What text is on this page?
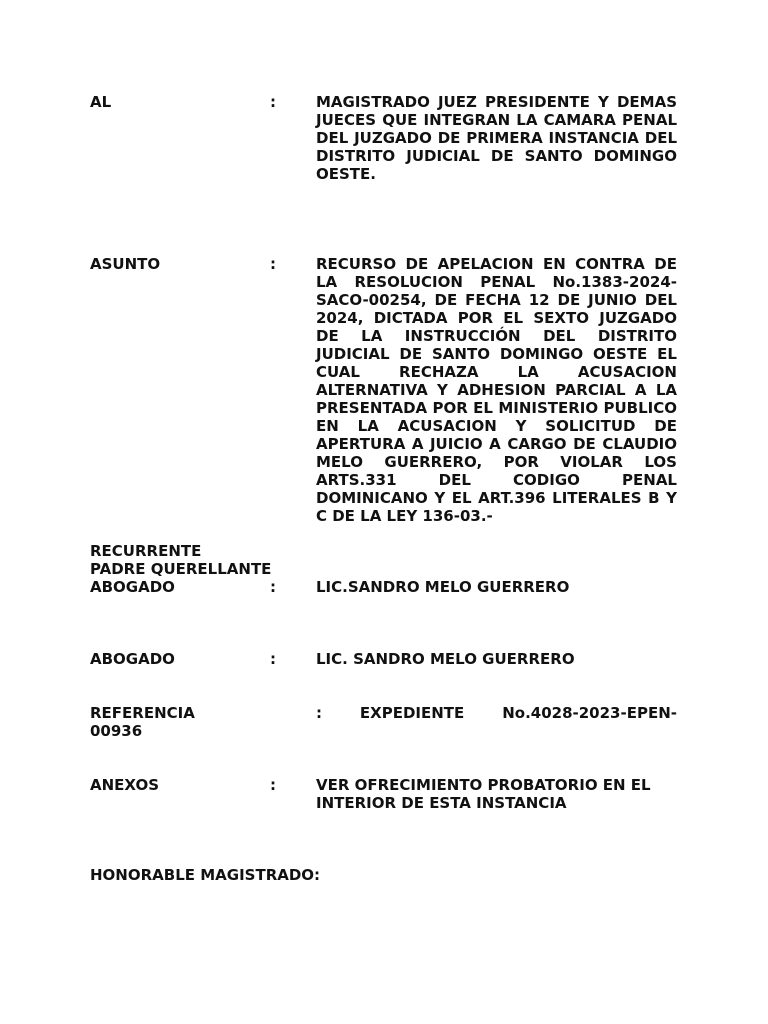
AL	:	MAGISTRADO JUEZ PRESIDENTE Y DEMAS JUECES QUE INTEGRAN LA CAMARA PENAL DEL JUZGADO DE PRIMERA INSTANCIA DEL DISTRITO JUDICIAL DE SANTO DOMINGO OESTE.

ASUNTO	:	RECURSO DE APELACION EN CONTRA DE LA RESOLUCION PENAL No.1383-2024-SACO-00254, DE FECHA 12 DE JUNIO DEL 2024, DICTADA POR EL SEXTO JUZGADO DE LA INSTRUCCIÓN DEL DISTRITO JUDICIAL DE SANTO DOMINGO OESTE EL CUAL RECHAZA LA ACUSACION ALTERNATIVA Y ADHESION PARCIAL A LA PRESENTADA POR EL MINISTERIO PUBLICO EN LA ACUSACION Y SOLICITUD DE APERTURA A JUICIO A CARGO DE CLAUDIO MELO GUERRERO, POR VIOLAR LOS ARTS.331 DEL CODIGO PENAL DOMINICANO Y EL ART.396 LITERALES B Y C DE LA LEY 136-03.-

RECURRENTE
PADRE QUERELLANTE
ABOGADO	:	LIC.SANDRO MELO GUERRERO
ABOGADO	:	LIC. SANDRO MELO GUERRERO
REFERENCIA	:	EXPEDIENTE	No.4028-2023-EPEN-
00936
ANEXOS	:	VER OFRECIMIENTO PROBATORIO EN EL INTERIOR DE ESTA INSTANCIA

HONORABLE MAGISTRADO:
